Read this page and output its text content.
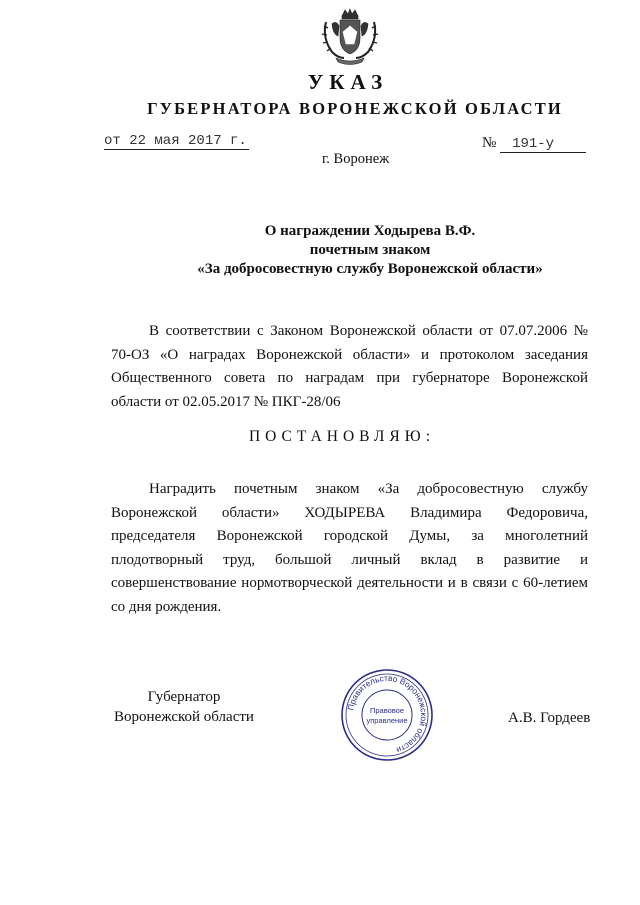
УКАЗ
ГУБЕРНАТОРА ВОРОНЕЖСКОЙ ОБЛАСТИ
от 22 мая 2017 г.	№ 191-у
г. Воронеж
О награждении Ходырева В.Ф.
почетным знаком
«За добросовестную службу Воронежской области»
В соответствии с Законом Воронежской области от 07.07.2006 № 70-ОЗ «О наградах Воронежской области» и протоколом заседания Общественного совета по наградам при губернаторе Воронежской области от 02.05.2017 № ПКГ-28/06
ПОСТАНОВЛЯЮ:
Наградить почетным знаком «За добросовестную службу Воронежской области» ХОДЫРЕВА Владимира Федоровича, председателя Воронежской городской Думы, за многолетний плодотворный труд, большой личный вклад в развитие и совершенствование нормотворческой деятельности и в связи с 60-летием со дня рождения.
Губернатор
Воронежской области
Правительство Воронежской области
Правовое
управление	А.В. Гордеев
